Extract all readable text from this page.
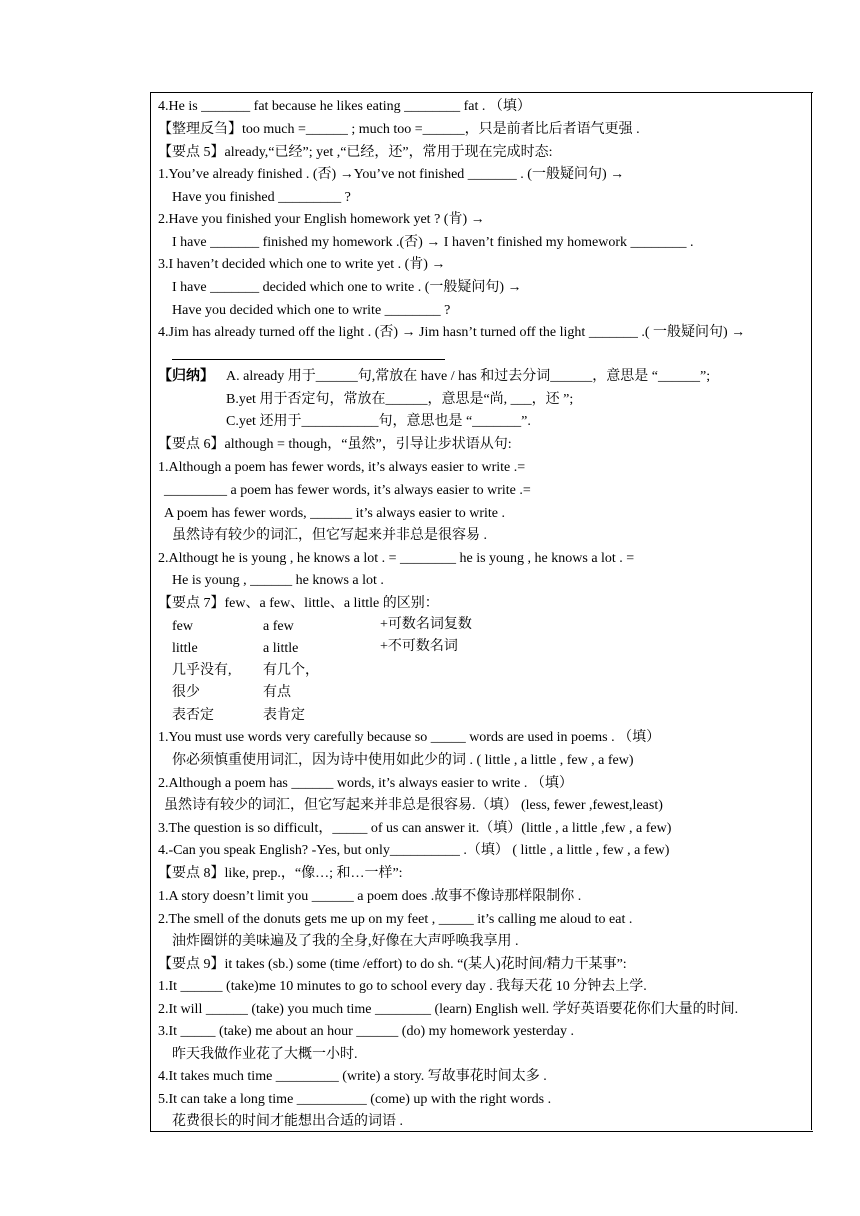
4.He is _______ fat because he likes eating ________ fat . （填）
【整理反刍】too much =______ ; much too =______，只是前者比后者语气更强 .
【要点 5】already,“已经”; yet ,“已经，还”，常用于现在完成时态:
1.You’ve already finished . (否) →You’ve not finished _______ . (一般疑问句) →
Have you finished _________ ?
2.Have you finished your English homework yet ? (肯) →
I have _______ finished my homework .(否) → I haven’t finished my homework ________ .
3.I haven’t decided which one to write yet . (肯) →
I have _______ decided which one to write . (一般疑问句) →
Have you decided which one to write ________ ?
4.Jim has already turned off the light . (否) → Jim hasn’t turned off the light _______ .( 一般疑问句) →
【归纳】 A. already 用于______句,常放在 have / has 和过去分词______，意思是 “______”;
B.yet 用于否定句，常放在______，意思是“尚, ___，还 ”;
C.yet 还用于___________句，意思也是 “_______”.
【要点 6】although = though，“虽然”，引导让步状语从句:
1.Although a poem has fewer words, it’s always easier to write .=
_________ a poem has fewer words, it’s always easier to write .=
A poem has fewer words, ______ it’s always easier to write .
虽然诗有较少的词汇，但它写起来并非总是很容易 .
2.Althougt he is young , he knows a lot . = ________ he is young , he knows a lot . =
He is young , ______ he knows a lot .
【要点 7】few、a few、little、a little 的区别：
few	a few	+可数名词复数
little	a little	+不可数名词
几乎没有, 有几个，
很少	有点
表否定	表肯定
1.You must use words very carefully because so _____ words are used in poems . （填）
你必须慎重使用词汇，因为诗中使用如此少的词 . ( little , a little , few , a few)
2.Although a poem has ______ words, it’s always easier to write . （填）
虽然诗有较少的词汇，但它写起来并非总是很容易.（填） (less, fewer ,fewest,least)
3.The question is so difficult，_____ of us can answer it.（填）(little , a little ,few , a few)
4.-Can you speak English? -Yes, but only__________ .（填） ( little , a little , few , a few)
【要点 8】like, prep.，“像…; 和…一样”:
1.A story doesn’t limit you ______ a poem does .故事不像诗那样限制你 .
2.The smell of the donuts gets me up on my feet , _____ it’s calling me aloud to eat .
油炸圈饼的美味遍及了我的全身,好像在大声呼唤我享用 .
【要点 9】it takes (sb.) some (time /effort) to do sh. “(某人)花时间/精力干某事”:
1.It ______ (take)me 10 minutes to go to school every day . 我每天花 10 分钟去上学.
2.It will ______ (take) you much time ________ (learn) English well. 学好英语要花你们大量的时间.
3.It _____ (take) me about an hour ______ (do) my homework yesterday .
昨天我做作业花了大概一小时.
4.It takes much time _________ (write) a story. 写故事花时间太多 .
5.It can take a long time __________ (come) up with the right words .
花费很长的时间才能想出合适的词语 .
